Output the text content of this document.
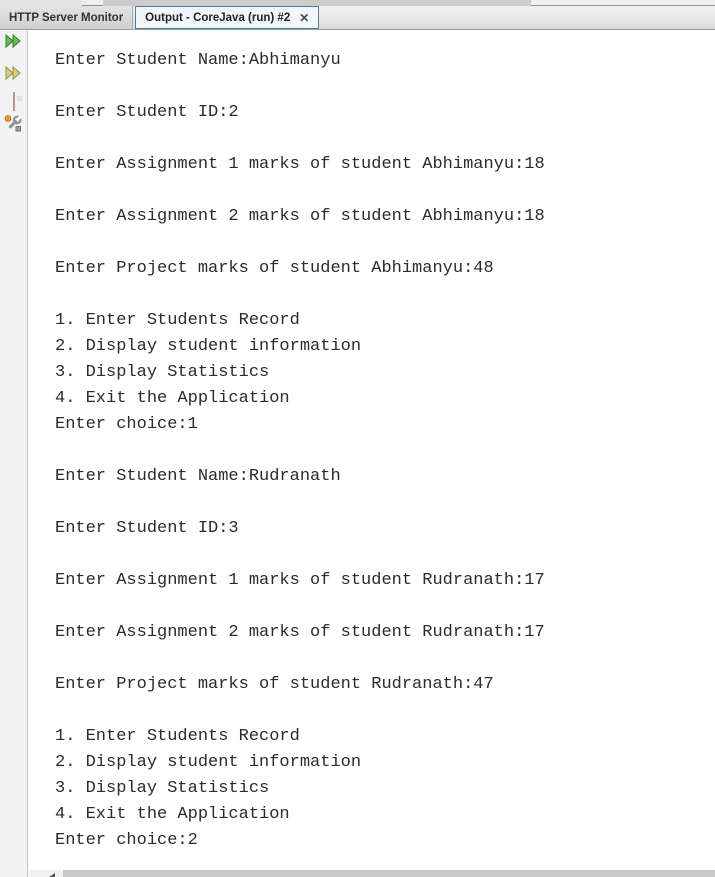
HTTP Server Monitor Output - CoreJava (run) #2 ✕
Enter Student Name:Abhimanyu

Enter Student ID:2

Enter Assignment 1 marks of student Abhimanyu:18

Enter Assignment 2 marks of student Abhimanyu:18

Enter Project marks of student Abhimanyu:48

1. Enter Students Record
2. Display student information
3. Display Statistics
4. Exit the Application
Enter choice:1

Enter Student Name:Rudranath

Enter Student ID:3

Enter Assignment 1 marks of student Rudranath:17

Enter Assignment 2 marks of student Rudranath:17

Enter Project marks of student Rudranath:47

1. Enter Students Record
2. Display student information
3. Display Statistics
4. Exit the Application
Enter choice:2
